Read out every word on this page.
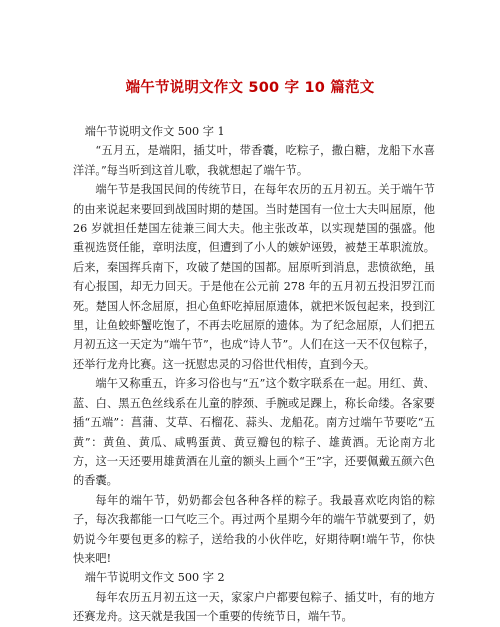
端午节说明文作文 500 字 10 篇范文

端午节说明文作文 500 字 1

“五月五，是端阳，插艾叶，带香囊，吃粽子，撒白糖，龙船下水喜洋洋。”每当听到这首儿歌，我就想起了端午节。

端午节是我国民间的传统节日，在每年农历的五月初五。关于端午节的由来说起来要回到战国时期的楚国。当时楚国有一位士大夫叫屈原，他 26 岁就担任楚国左徒兼三闾大夫。他主张改革，以实现楚国的强盛。他重视选贤任能，章明法度，但遭到了小人的嫉妒诬毁，被楚王革职流放。后来，秦国挥兵南下，攻破了楚国的国都。屈原听到消息，悲愤欲绝，虽有心报国，却无力回天。于是他在公元前 278 年的五月初五投汨罗江而死。楚国人怀念屈原，担心鱼虾吃掉屈原遗体，就把米饭包起来，投到江里，让鱼蛟虾蟹吃饱了，不再去吃屈原的遗体。为了纪念屈原，人们把五月初五这一天定为“端午节”，也成“诗人节”。人们在这一天不仅包粽子，还举行龙舟比赛。这一抚慰忠灵的习俗世代相传，直到今天。

端午又称重五，许多习俗也与“五”这个数字联系在一起。用红、黄、蓝、白、黑五色丝线系在儿童的脖颈、手腕或足踝上，称长命缕。各家要插“五端”：菖蒲、艾草、石榴花、蒜头、龙船花。南方过端午节要吃“五黄”：黄鱼、黄瓜、咸鸭蛋黄、黄豆瓣包的粽子、雄黄酒。无论南方北方，这一天还要用雄黄酒在儿童的额头上画个“王”字，还要佩戴五颜六色的香囊。

每年的端午节，奶奶都会包各种各样的粽子。我最喜欢吃肉馅的粽子，每次我都能一口气吃三个。再过两个星期今年的端午节就要到了，奶奶说今年要包更多的粽子，送给我的小伙伴吃，好期待啊!端午节，你快快来吧!

端午节说明文作文 500 字 2

每年农历五月初五这一天，家家户户都要包粽子、插艾叶，有的地方还赛龙舟。这天就是我国一个重要的传统节日，端午节。
